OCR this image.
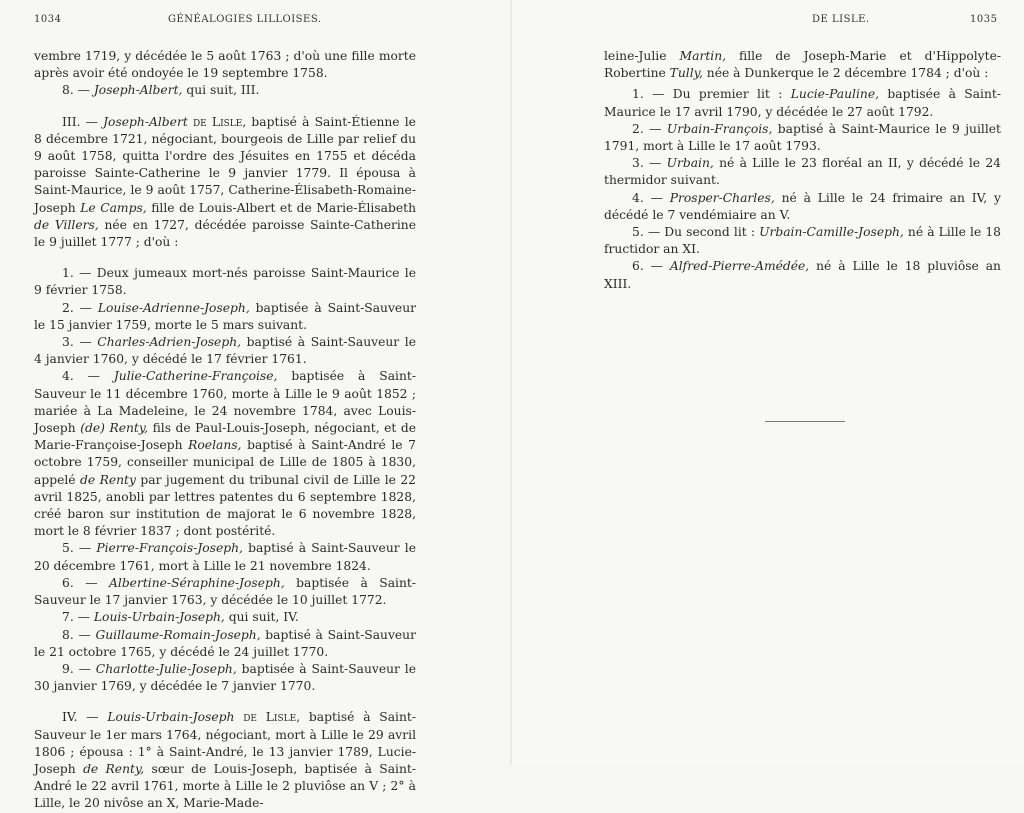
1034	GÉNÉALOGIES LILLOISES.

vembre 1719, y décédée le 5 août 1763 ; d'où une fille morte après avoir été ondoyée le 19 septembre 1758.

8. — Joseph-Albert, qui suit, III.

III. — Joseph-Albert de Lisle, baptisé à Saint-Étienne le 8 décembre 1721, négociant, bourgeois de Lille par relief du 9 août 1758, quitta l'ordre des Jésuites en 1755 et décéda paroisse Sainte-Catherine le 9 janvier 1779. Il épousa à Saint-Maurice, le 9 août 1757, Catherine-Élisabeth-Romaine-Joseph Le Camps, fille de Louis-Albert et de Marie-Élisabeth de Villers, née en 1727, décédée paroisse Sainte-Catherine le 9 juillet 1777 ; d'où :

1. — Deux jumeaux mort-nés paroisse Saint-Maurice le 9 février 1758.

2. — Louise-Adrienne-Joseph, baptisée à Saint-Sauveur le 15 janvier 1759, morte le 5 mars suivant.

3. — Charles-Adrien-Joseph, baptisé à Saint-Sauveur le 4 janvier 1760, y décédé le 17 février 1761.

4. — Julie-Catherine-Françoise, baptisée à Saint-Sauveur le 11 décembre 1760, morte à Lille le 9 août 1852 ; mariée à La Madeleine, le 24 novembre 1784, avec Louis-Joseph (de) Renty, fils de Paul-Louis-Joseph, négociant, et de Marie-Françoise-Joseph Roelans, baptisé à Saint-André le 7 octobre 1759, conseiller municipal de Lille de 1805 à 1830, appelé de Renty par jugement du tribunal civil de Lille le 22 avril 1825, anobli par lettres patentes du 6 septembre 1828, créé baron sur institution de majorat le 6 novembre 1828, mort le 8 février 1837 ; dont postérité.

5. — Pierre-François-Joseph, baptisé à Saint-Sauveur le 20 décembre 1761, mort à Lille le 21 novembre 1824.

6. — Albertine-Séraphine-Joseph, baptisée à Saint-Sauveur le 17 janvier 1763, y décédée le 10 juillet 1772.

7. — Louis-Urbain-Joseph, qui suit, IV.

8. — Guillaume-Romain-Joseph, baptisé à Saint-Sauveur le 21 octobre 1765, y décédé le 24 juillet 1770.

9. — Charlotte-Julie-Joseph, baptisée à Saint-Sauveur le 30 janvier 1769, y décédée le 7 janvier 1770.

IV. — Louis-Urbain-Joseph de Lisle, baptisé à Saint-Sauveur le 1er mars 1764, négociant, mort à Lille le 29 avril 1806 ; épousa : 1° à Saint-André, le 13 janvier 1789, Lucie-Joseph de Renty, sœur de Louis-Joseph, baptisée à Saint-André le 22 avril 1761, morte à Lille le 2 pluviôse an V ; 2° à Lille, le 20 nivôse an X, Marie-Made-

DE LISLE.	1035

leine-Julie Martin, fille de Joseph-Marie et d'Hippolyte-Robertine Tully, née à Dunkerque le 2 décembre 1784 ; d'où :

1. — Du premier lit : Lucie-Pauline, baptisée à Saint-Maurice le 17 avril 1790, y décédée le 27 août 1792.

2. — Urbain-François, baptisé à Saint-Maurice le 9 juillet 1791, mort à Lille le 17 août 1793.

3. — Urbain, né à Lille le 23 floréal an II, y décédé le 24 thermidor suivant.

4. — Prosper-Charles, né à Lille le 24 frimaire an IV, y décédé le 7 vendémiaire an V.

5. — Du second lit : Urbain-Camille-Joseph, né à Lille le 18 fructidor an XI.

6. — Alfred-Pierre-Amédée, né à Lille le 18 pluviôse an XIII.
